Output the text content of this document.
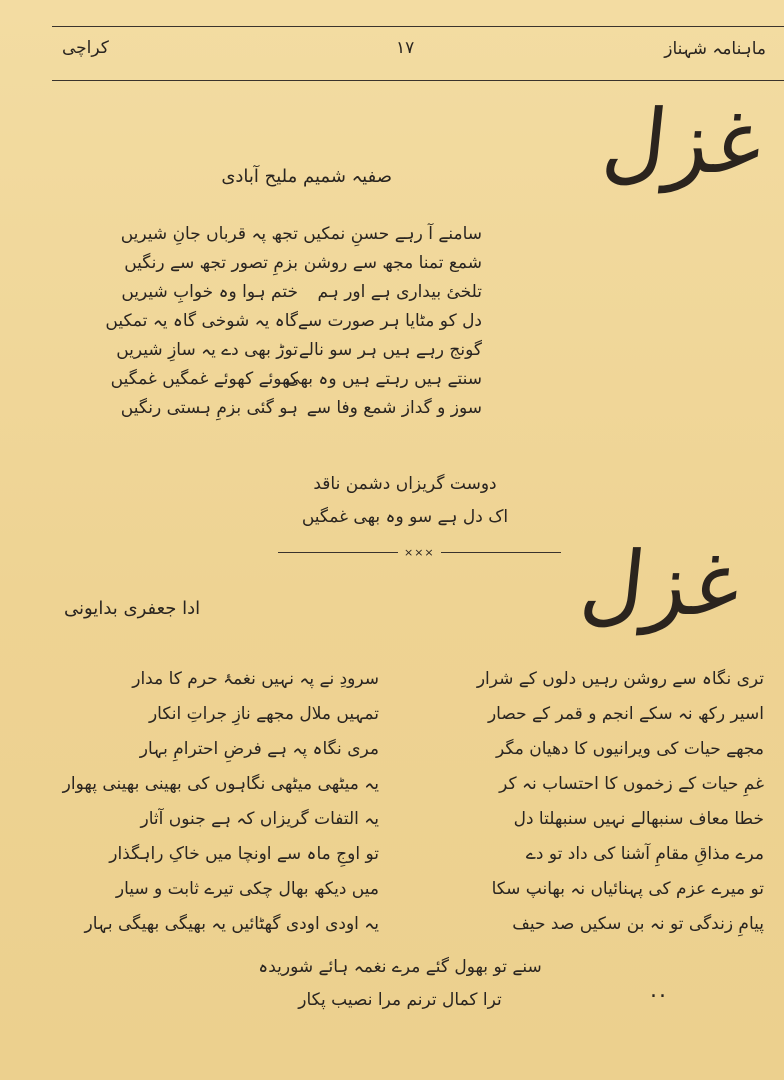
ماہنامہ شہناز
۱۷
کراچی
غزل
صفیہ شمیم ملیح آبادی
سامنے آ رہے حسنِ نمکیں
شمع تمنا مجھ سے روشن
تلخئ بیداری ہے اور ہم
دل کو مٹایا ہر صورت سے
گونج رہے ہیں ہر سو نالے
سنتے ہیں رہتے ہیں وہ بھی
سوز و گداز شمع وفا سے
تجھ پہ قرباں جانِ شیریں
بزمِ تصور تجھ سے رنگیں
ختم ہوا وہ خوابِ شیریں
گاہ یہ شوخی گاہ یہ تمکیں
توڑ بھی دے یہ سازِ شیریں
کھوئے کھوئے غمگیں غمگیں
ہو گئی بزمِ ہستی رنگیں
دوست گریزاں دشمن ناقد
اک دل ہے سو وہ بھی غمگیں
××× غزل
ادا جعفری بدایونی
تری نگاہ سے روشن رہیں دلوں کے شرار
اسیر رکھ نہ سکے انجم و قمر کے حصار
مجھے حیات کی ویرانیوں کا دھیان مگر
غمِ حیات کے زخموں کا احتساب نہ کر
خطا معاف سنبھالے نہیں سنبھلتا دل
مرے مذاقِ مقامِ آشنا کی داد تو دے
تو میرے عزم کی پہنائیاں نہ بھانپ سکا
پیامِ زندگی تو نہ بن سکیں صد حیف
سرودِ نے پہ نہیں نغمۂ حرم کا مدار
تمہیں ملال مجھے نازِ جراتِ انکار
مری نگاہ پہ ہے فرضِ احترامِ بہار
یہ میٹھی میٹھی نگاہوں کی بھینی بھینی پھوار
یہ التفات گریزاں کہ ہے جنوں آثار
تو اوجِ ماہ سے اونچا میں خاکِ راہگذار
میں دیکھ بھال چکی تیرے ثابت و سیار
یہ اودی اودی گھٹائیں یہ بھیگی بھیگی بہار
سنے تو بھول گئے مرے نغمہ ہائے شوریدہ
ترا کمال ترنم مرا نصیب پکار	..
